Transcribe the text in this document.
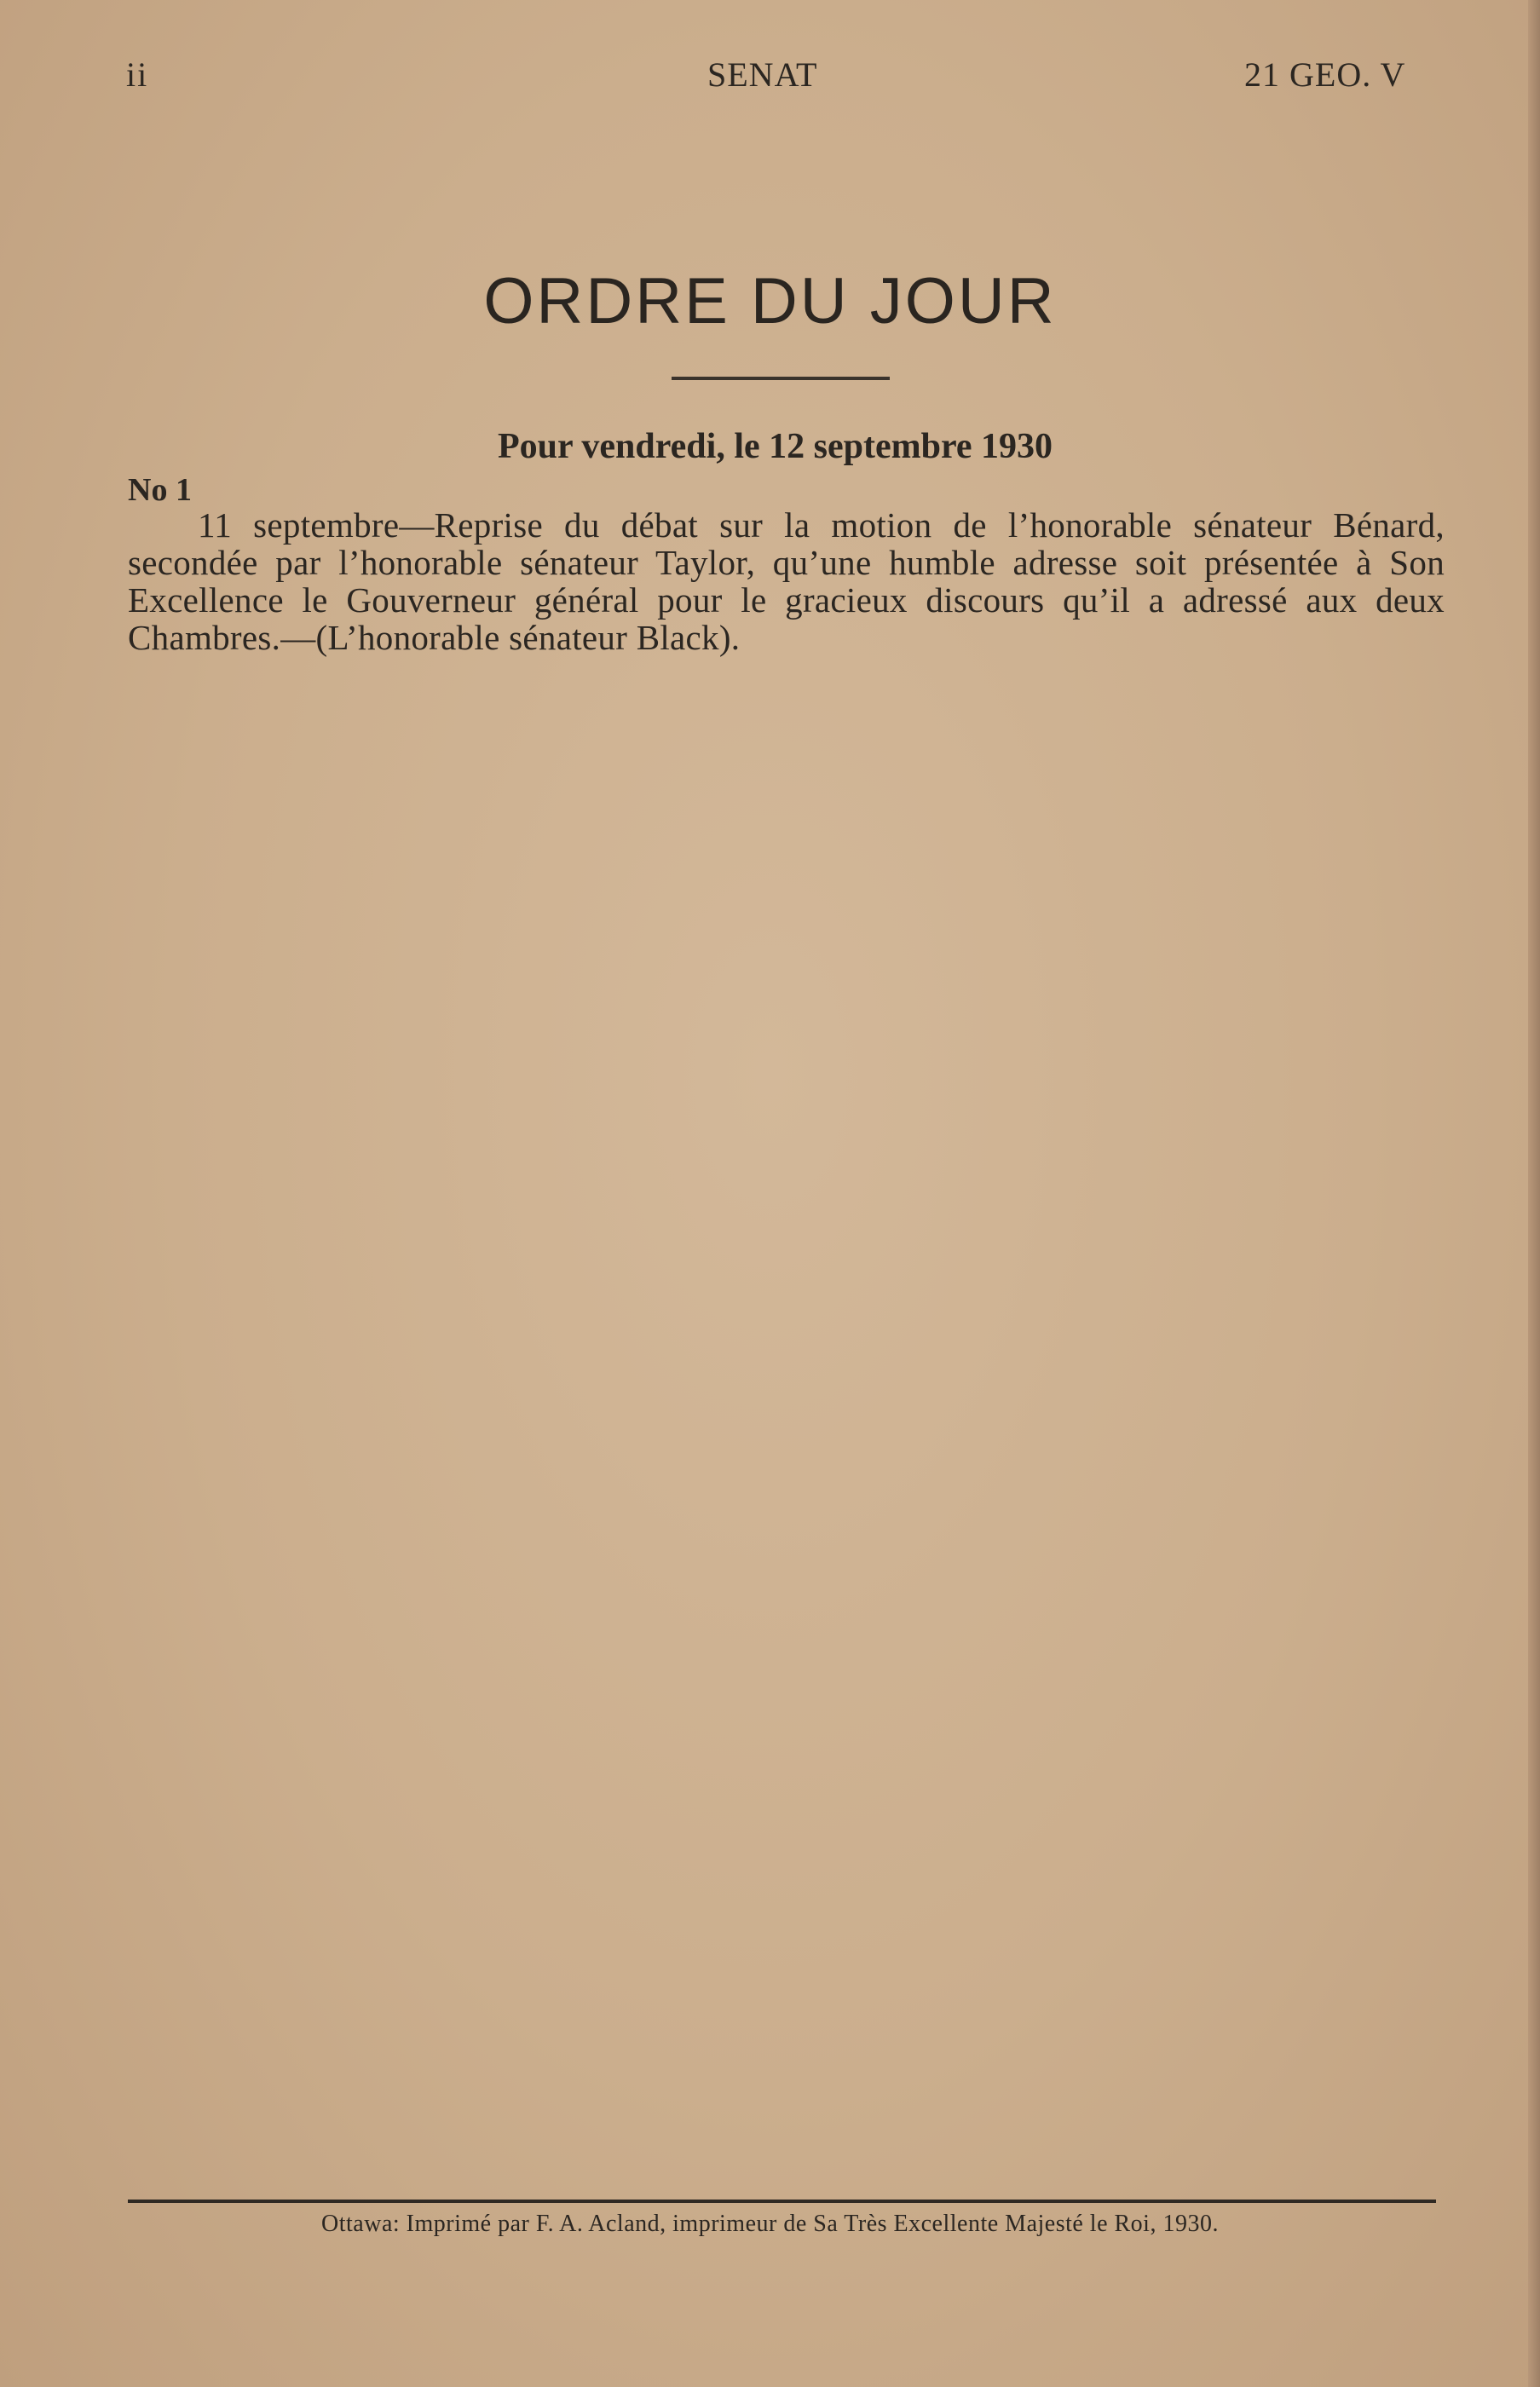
ii	SENAT	21 GEO. V
ORDRE DU JOUR
Pour vendredi, le 12 septembre 1930
No 1
11 septembre—Reprise du débat sur la motion de l’honorable sénateur Bénard, secondée par l’honorable sénateur Taylor, qu’une humble adresse soit présentée à Son Excellence le Gouverneur général pour le gracieux discours qu’il a adressé aux deux Chambres.—(L’honorable sénateur Black).
Ottawa: Imprimé par F. A. Acland, imprimeur de Sa Très Excellente Majesté le Roi, 1930.
